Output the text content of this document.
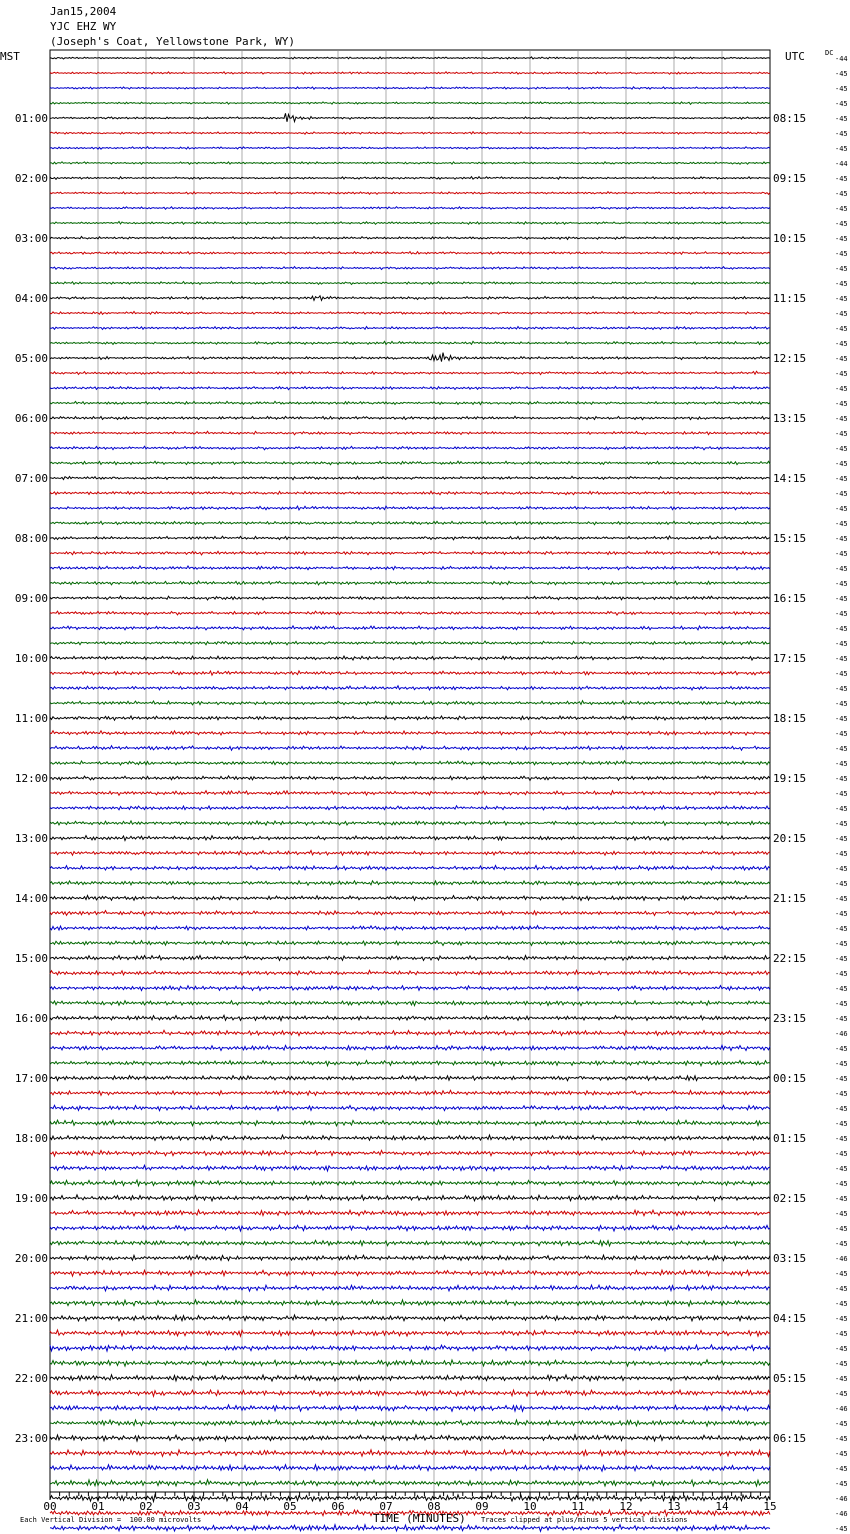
Jan15,2004
YJC EHZ WY
(Joseph's Coat, Yellowstone Park, WY)
MST	UTC	DC
00	01	02	03	04	05	06	07	08	09	10	11	12	13	14	15
-44
-45
-45
-45
-45
-45
-45
-44
-45
-45
-45
-45
-45
-45
-45
-45
-45
-45
-45
-45
-45
-45
-45
-45
-45
-45
-45
-45
-45
-45
-45
-45
-45
-45
-45
-45
-45
-45
-45
-45
-45
-45
-45
-45
-45
-45
-45
-45
-45
-45
-45
-45
-45
-45
-45
-45
-45
-45
-45
-45
-45
-45
-45
-45
-45
-46
-45
-45
-45
-45
-45
-45
-45
-45
-45
-45
-45
-45
-45
-45
-46
-45
-45
-45
-45
-45
-45
-45
-45
-45
-46
-45
-45
-45
-45
-45
-46
-46
-45
01:00
02:00
03:00
04:00
05:00
06:00
07:00
08:00
09:00
10:00
11:00
12:00
13:00
14:00
15:00
16:00
17:00
18:00
19:00
20:00
21:00
22:00
23:00
08:15
09:15
10:15
11:15
12:15
13:15
14:15
15:15
16:15
17:15
18:15
19:15
20:15
21:15
22:15
23:15
00:15
01:15
02:15
03:15
04:15
05:15
06:15
Each Vertical Division =  100.00 microvolts	TIME (MINUTES) Traces clipped at plus/minus 5 vertical divisions
